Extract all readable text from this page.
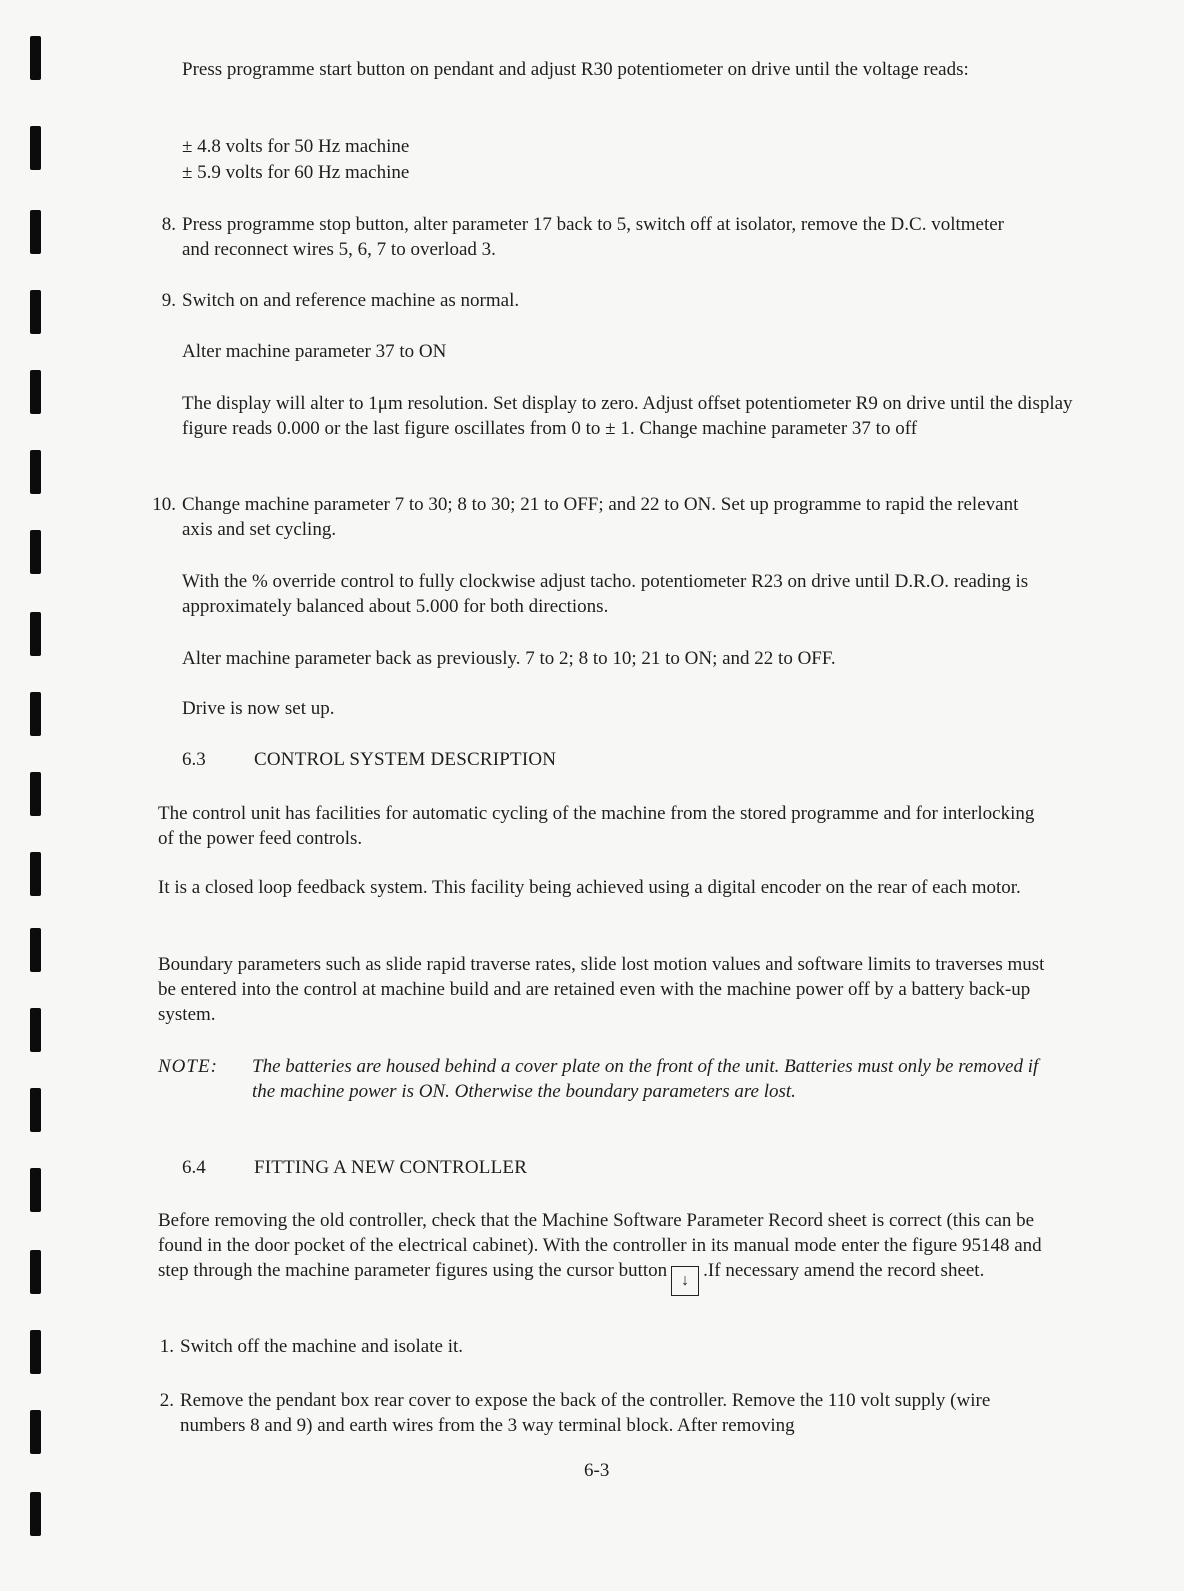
Press programme start button on pendant and adjust R30 potentiometer on drive until the voltage reads:

± 4.8 volts for 50 Hz machine
± 5.9 volts for 60 Hz machine
8. Press programme stop button, alter parameter 17 back to 5, switch off at isolator, remove the D.C. voltmeter and reconnect wires 5, 6, 7 to overload 3.
9. Switch on and reference machine as normal.

Alter machine parameter 37 to ON

The display will alter to 1μm resolution. Set display to zero. Adjust offset potentiometer R9 on drive until the display figure reads 0.000 or the last figure oscillates from 0 to ± 1. Change machine parameter 37 to off

10. Change machine parameter 7 to 30; 8 to 30; 21 to OFF; and 22 to ON. Set up programme to rapid the relevant axis and set cycling.

With the % override control to fully clockwise adjust tacho. potentiometer R23 on drive until D.R.O. reading is approximately balanced about 5.000 for both directions.

Alter machine parameter back as previously. 7 to 2; 8 to 10; 21 to ON; and 22 to OFF.

Drive is now set up.

6.3	CONTROL SYSTEM DESCRIPTION

The control unit has facilities for automatic cycling of the machine from the stored programme and for interlocking of the power feed controls.

It is a closed loop feedback system. This facility being achieved using a digital encoder on the rear of each motor.

Boundary parameters such as slide rapid traverse rates, slide lost motion values and software limits to traverses must be entered into the control at machine build and are retained even with the machine power off by a battery back-up system.

NOTE: The batteries are housed behind a cover plate on the front of the unit. Batteries must only be removed if the machine power is ON. Otherwise the boundary parameters are lost.
6.4	FITTING A NEW CONTROLLER

Before removing the old controller, check that the Machine Software Parameter Record sheet is correct (this can be found in the door pocket of the electrical cabinet). With the controller in its manual mode enter the figure 95148 and step through the machine parameter figures using the cursor button ↓ .If necessary amend the record sheet.

1. Switch off the machine and isolate it.
2. Remove the pendant box rear cover to expose the back of the controller. Remove the 110 volt supply (wire numbers 8 and 9) and earth wires from the 3 way terminal block. After removing
6-3
